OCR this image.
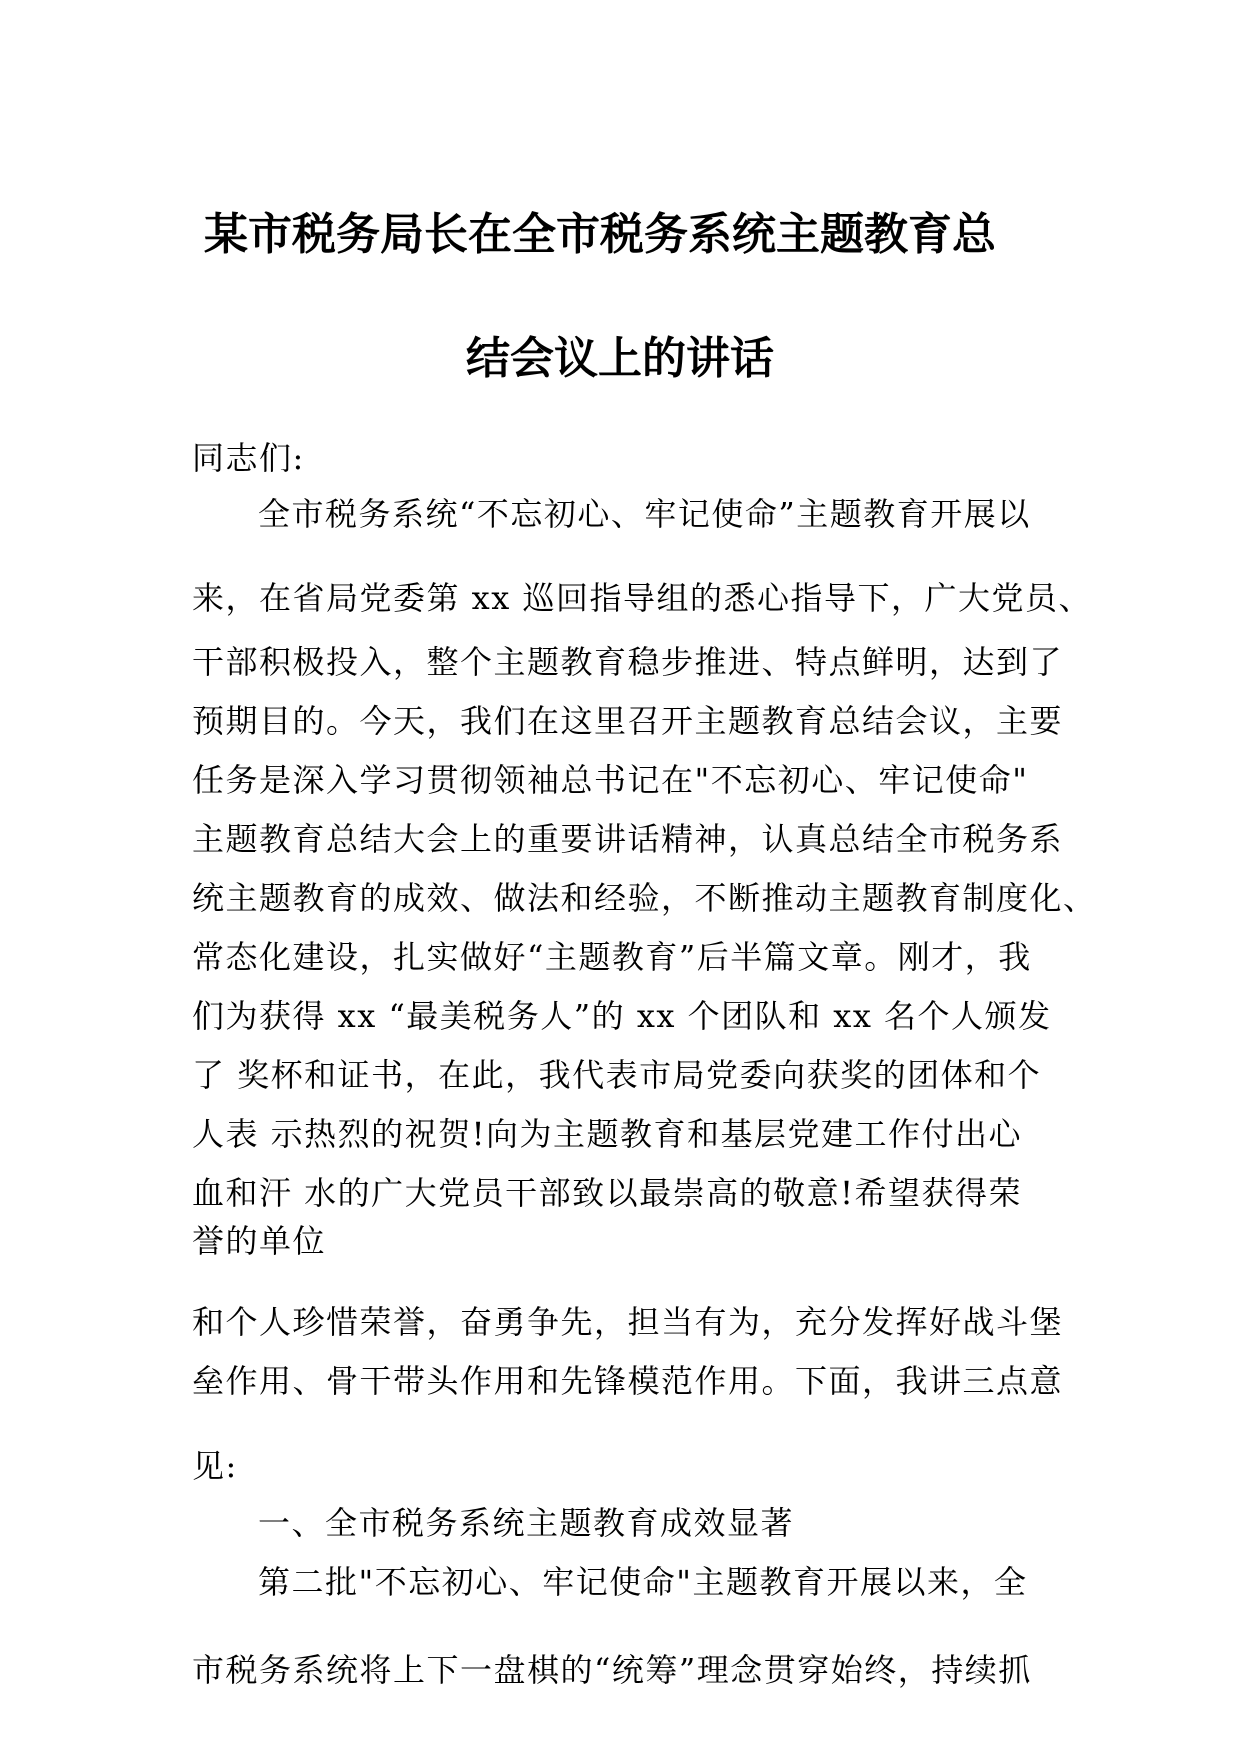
某市税务局长在全市税务系统主题教育总
结会议上的讲话
同志们:
全市税务系统“不忘初心、牢记使命”主题教育开展以
来，在省局党委第 xx 巡回指导组的悉心指导下，广大党员、
干部积极投入，整个主题教育稳步推进、特点鲜明，达到了
预期目的。今天，我们在这里召开主题教育总结会议，主要
任务是深入学习贯彻领袖总书记在"不忘初心、牢记使命"
主题教育总结大会上的重要讲话精神，认真总结全市税务系
统主题教育的成效、做法和经验，不断推动主题教育制度化、
常态化建设，扎实做好“主题教育”后半篇文章。刚才，我
们为获得 xx “最美税务人”的 xx 个团队和 xx 名个人颁发
了 奖杯和证书，在此，我代表市局党委向获奖的团体和个
人表 示热烈的祝贺!向为主题教育和基层党建工作付出心
血和汗 水的广大党员干部致以最崇高的敬意!希望获得荣
誉的单位
和个人珍惜荣誉，奋勇争先，担当有为，充分发挥好战斗堡
垒作用、骨干带头作用和先锋模范作用。下面，我讲三点意
见:
一、全市税务系统主题教育成效显著
第二批"不忘初心、牢记使命"主题教育开展以来，全
市税务系统将上下一盘棋的“统筹”理念贯穿始终，持续抓
